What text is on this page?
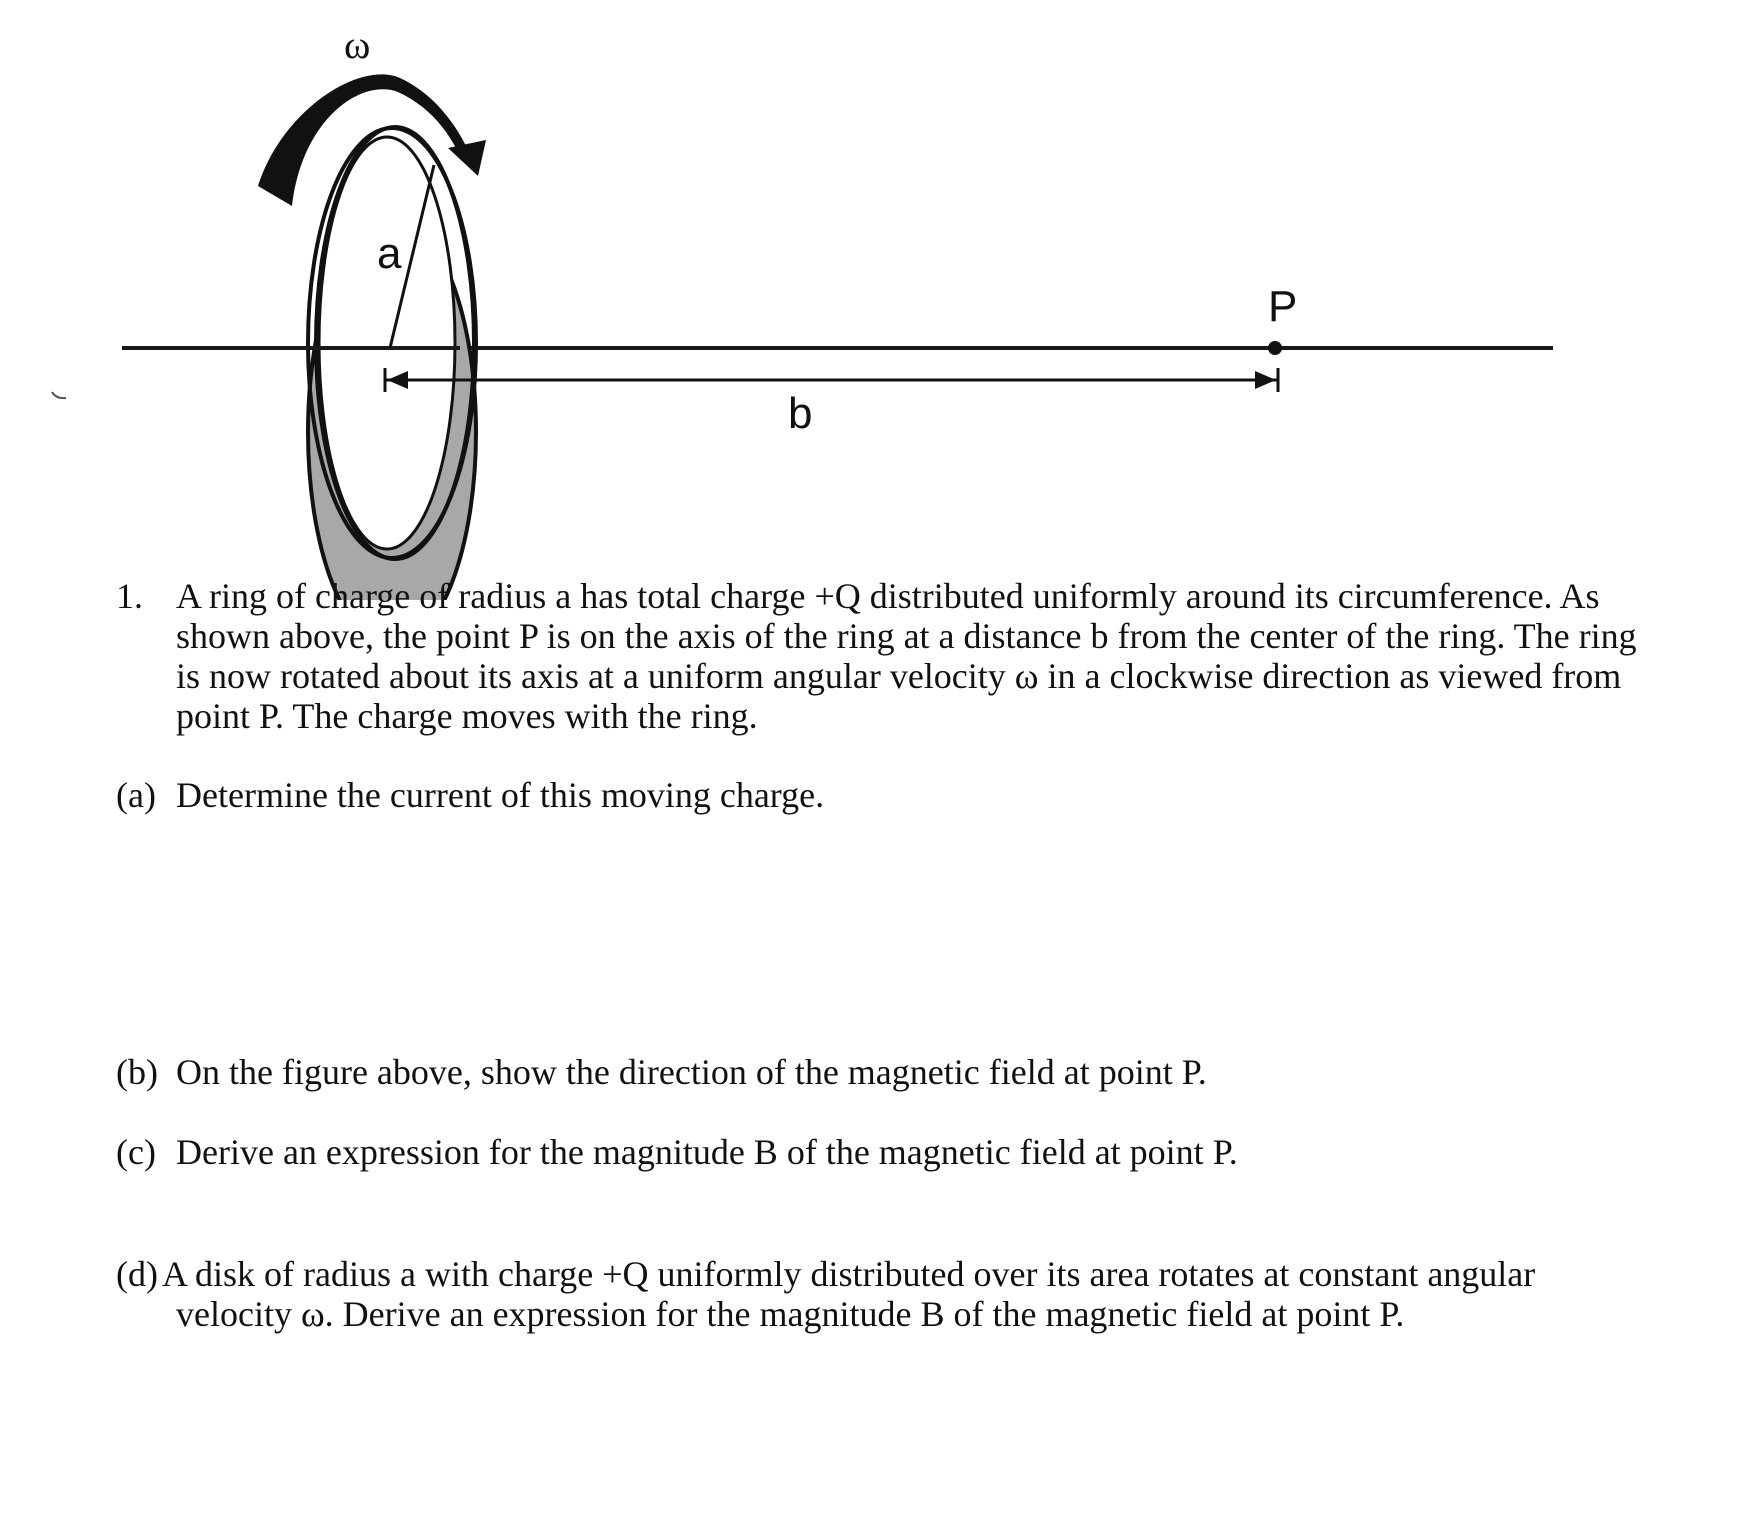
a
P
b
ω
1. A ring of charge of radius a has total charge +Q distributed uniformly around its circumference. As
shown above, the point P is on the axis of the ring at a distance b from the center of the ring. The ring
is now rotated about its axis at a uniform angular velocity ω in a clockwise direction as viewed from
point P. The charge moves with the ring.
(a) Determine the current of this moving charge.
(b) On the figure above, show the direction of the magnetic field at point P.
(c) Derive an expression for the magnitude B of the magnetic field at point P.
(d) A disk of radius a with charge +Q uniformly distributed over its area rotates at constant angular
velocity ω. Derive an expression for the magnitude B of the magnetic field at point P.
